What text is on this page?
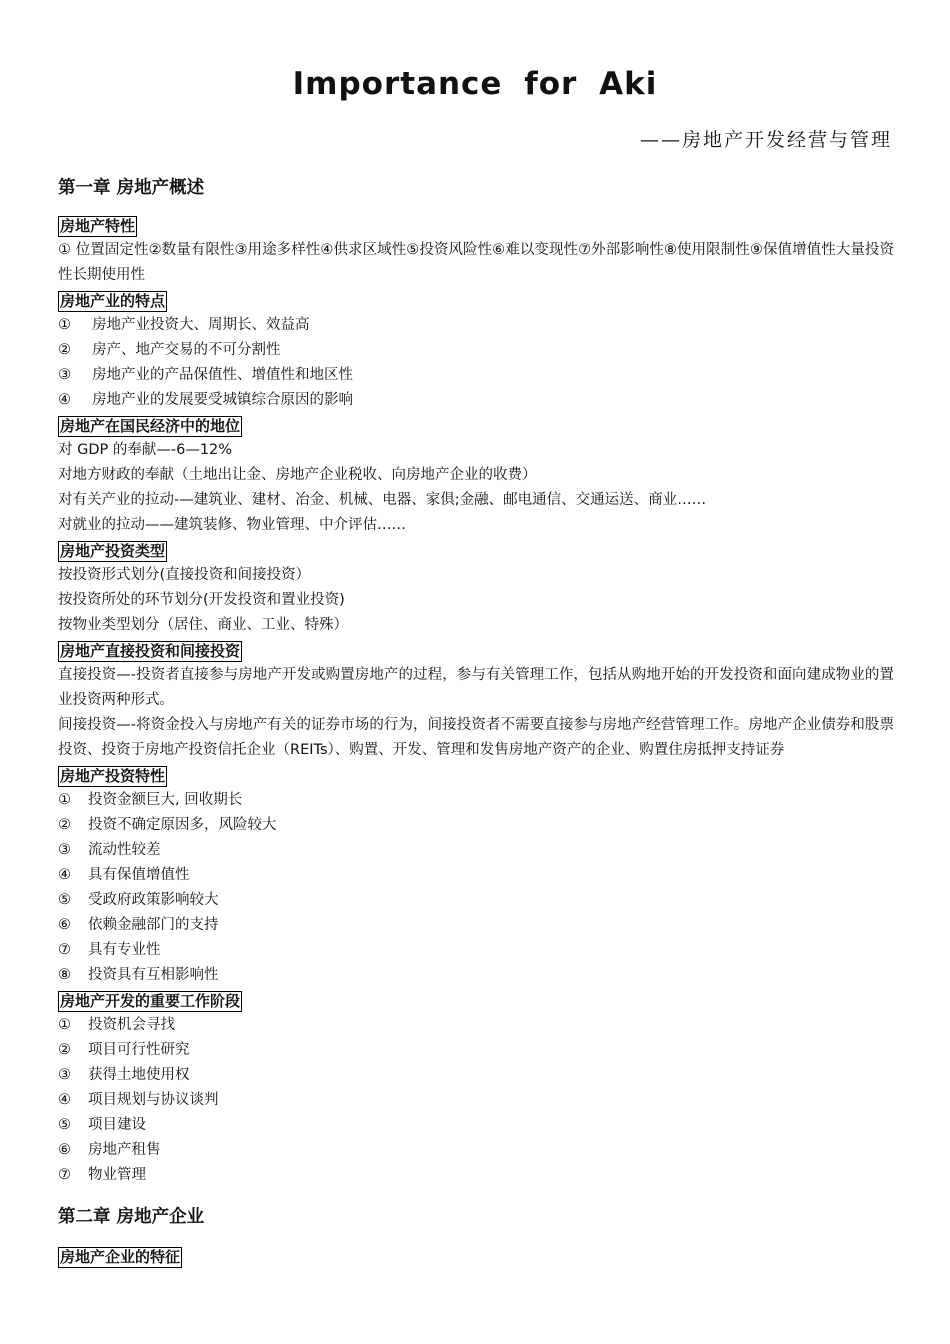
Importance for Aki
——房地产开发经营与管理
第一章 房地产概述
房地产特性
① 位置固定性②数量有限性③用途多样性④供求区域性⑤投资风险性⑥难以变现性⑦外部影响性⑧使用限制性⑨保值增值性大量投资性长期使用性
房地产业的特点
①	房地产业投资大、周期长、效益高
②	房产、地产交易的不可分割性
③	房地产业的产品保值性、增值性和地区性
④	房地产业的发展要受城镇综合原因的影响
房地产在国民经济中的地位
对 GDP 的奉献—-6—12%
对地方财政的奉献（土地出让金、房地产企业税收、向房地产企业的收费）
对有关产业的拉动-—建筑业、建材、冶金、机械、电器、家俱;金融、邮电通信、交通运送、商业……
对就业的拉动——建筑装修、物业管理、中介评估……
房地产投资类型
按投资形式划分(直接投资和间接投资）
按投资所处的环节划分(开发投资和置业投资)
按物业类型划分（居住、商业、工业、特殊）
房地产直接投资和间接投资
直接投资—-投资者直接参与房地产开发或购置房地产的过程，参与有关管理工作，包括从购地开始的开发投资和面向建成物业的置业投资两种形式。
间接投资—-将资金投入与房地产有关的证券市场的行为，间接投资者不需要直接参与房地产经营管理工作。房地产企业债券和股票投资、投资于房地产投资信托企业（REITs）、购置、开发、管理和发售房地产资产的企业、购置住房抵押支持证券
房地产投资特性
①	投资金额巨大, 回收期长
②	投资不确定原因多，风险较大
③	流动性较差
④	具有保值增值性
⑤	受政府政策影响较大
⑥	依赖金融部门的支持
⑦	具有专业性
⑧	投资具有互相影响性
房地产开发的重要工作阶段
①	投资机会寻找
②	项目可行性研究
③	获得土地使用权
④	项目规划与协议谈判
⑤	项目建设
⑥	房地产租售
⑦	物业管理
第二章 房地产企业
房地产企业的特征
